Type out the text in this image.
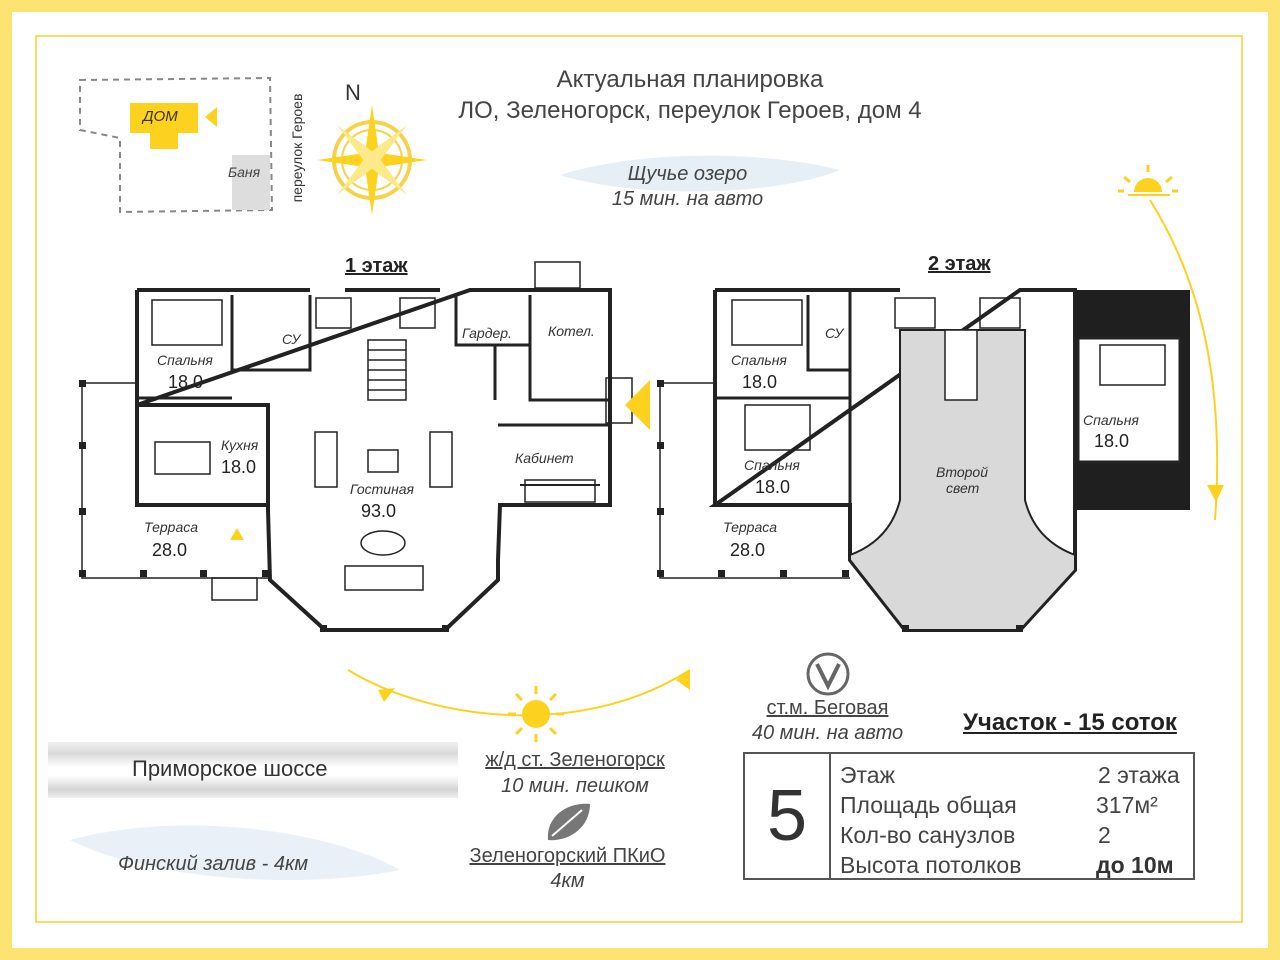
Актуальная планировка
ЛО, Зеленогорск, переулок Героев, дом 4
ДОМ
Баня переулок Героев
N
Щучье озеро
15 мин. на авто
1 этаж	2 этаж
Спальня
18.0
СУ	Гардер.	Котел.
Кухня
18.0
Гостиная
93.0
Кабинет
Терраса
28.0
Спальня
18.0
СУ
Спальня
18.0
Спальня
18.0
Терраса
28.0
Второй
свет
ст.м. Беговая
40 мин. на авто	Участок - 15 соток
Приморское шоссе	ж/д ст. Зеленогорск
10 мин. пешком
Зеленогорский ПКиО
4км
Финский залив - 4км
5
Этаж	2 этажа
Площадь общая	317м²
Кол-во санузлов	2
Высота потолков	до 10м
